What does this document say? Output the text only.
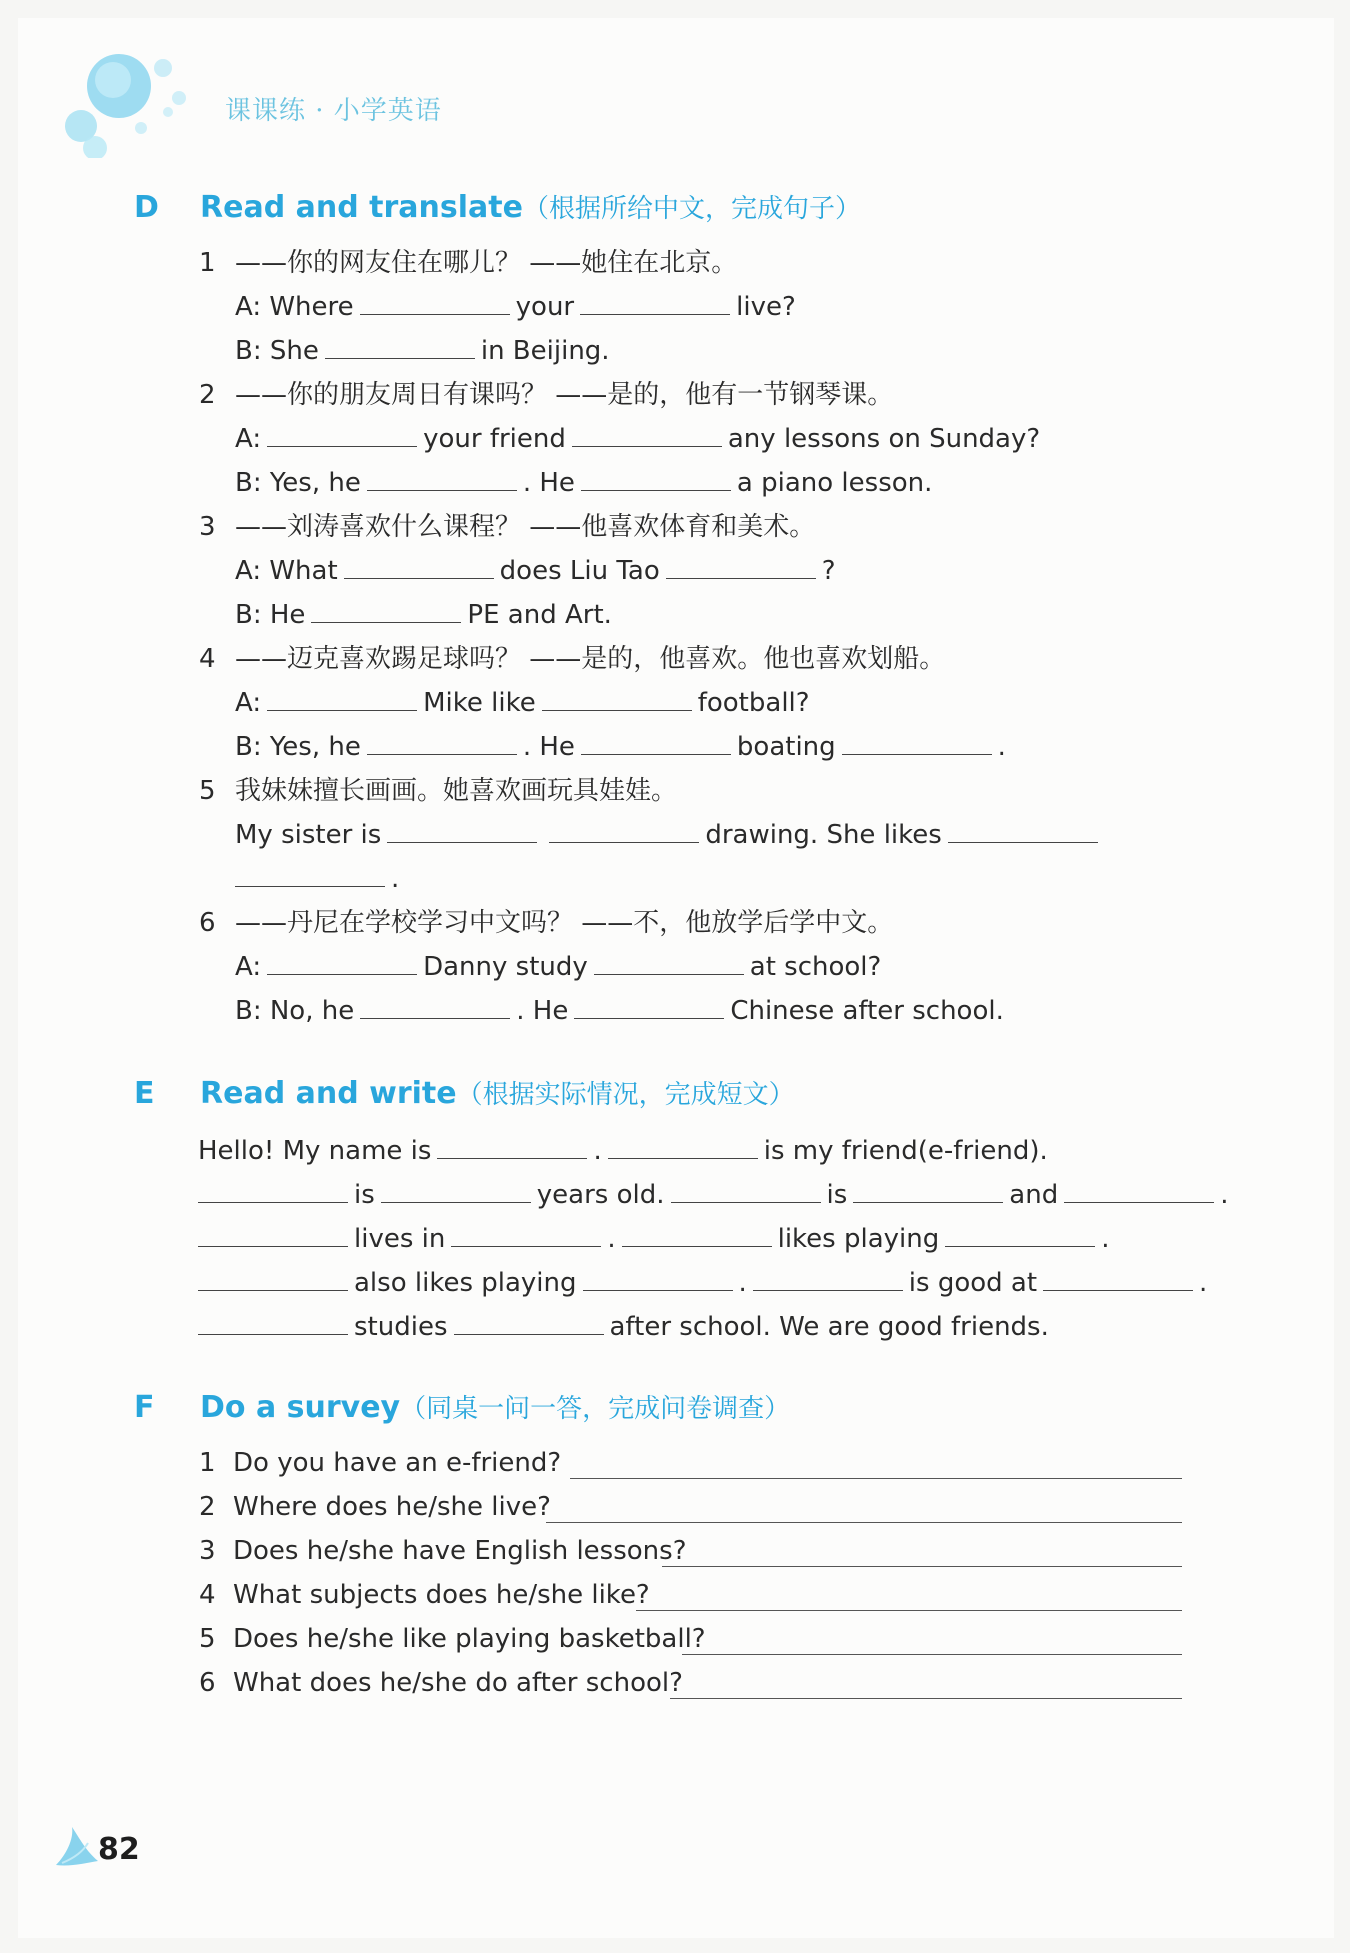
课课练 · 小学英语
D Read and translate（根据所给中文，完成句子）
1 ——你的网友住在哪儿？ ——她住在北京。
A: Where	your	live?
B: She	in Beijing.
2 ——你的朋友周日有课吗？ ——是的，他有一节钢琴课。
A:	your friend	any lessons on Sunday?
B: Yes, he	. He	a piano lesson.
3 ——刘涛喜欢什么课程？ ——他喜欢体育和美术。
A: What	does Liu Tao	?
B: He	PE and Art.
4 ——迈克喜欢踢足球吗？ ——是的，他喜欢。他也喜欢划船。
A:	Mike like	football?
B: Yes, he	. He	boating	.
5 我妹妹擅长画画。她喜欢画玩具娃娃。
My sister is	drawing. She likes
.
6 ——丹尼在学校学习中文吗？ ——不，他放学后学中文。
A:	Danny study	at school?
B: No, he	. He	Chinese after school.
E Read and write（根据实际情况，完成短文）
Hello! My name is	.	is my friend(e-friend).
is	years old.	is	and	.
lives in	.	likes playing	.
also likes playing	.	is good at	.
studies	after school. We are good friends.
F Do a survey（同桌一问一答，完成问卷调查）
1 Do you have an e-friend?
2 Where does he/she live?
3 Does he/she have English lessons?
4 What subjects does he/she like?
5 Does he/she like playing basketball?
6 What does he/she do after school?
82
